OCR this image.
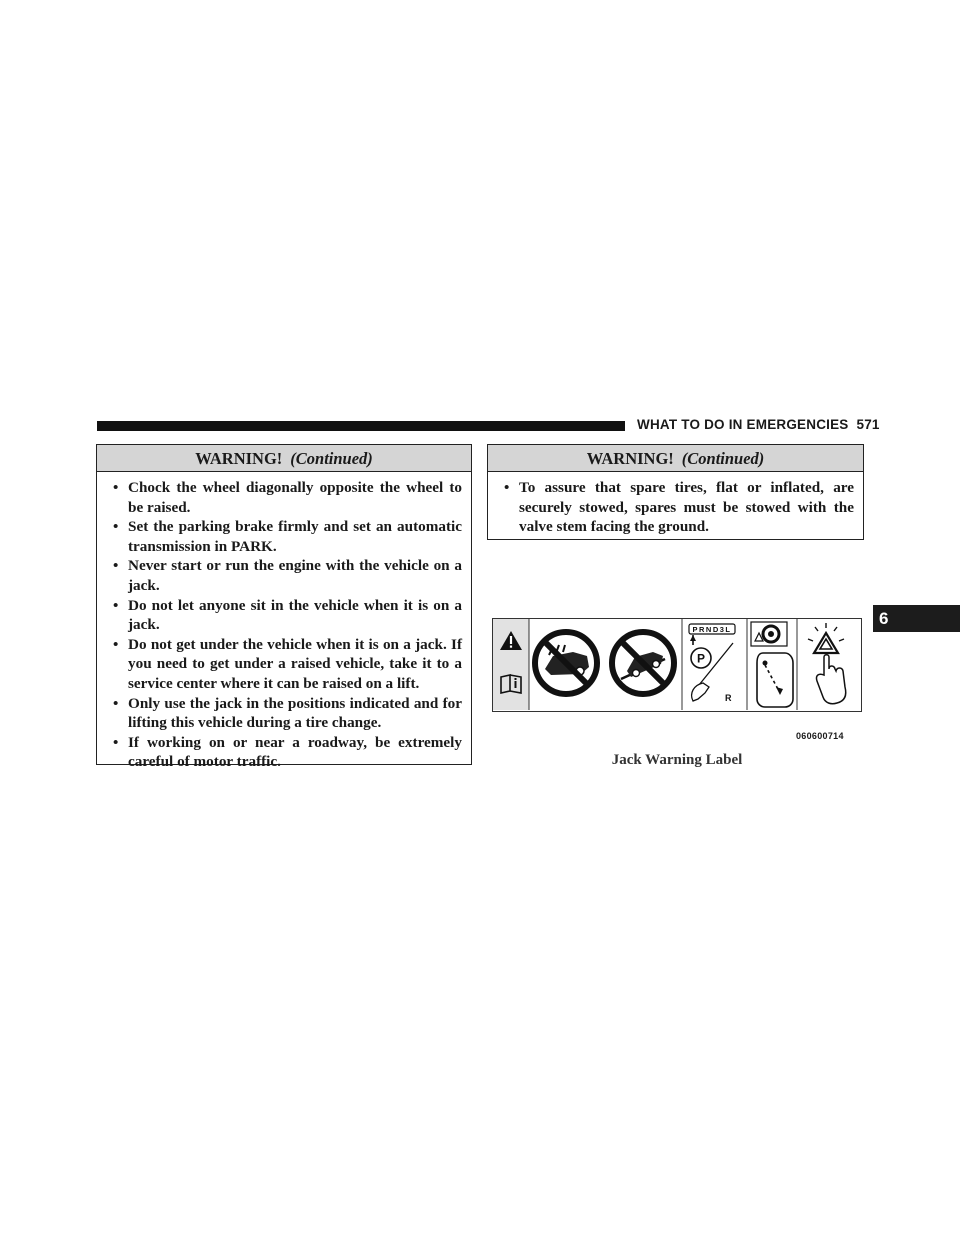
WHAT TO DO IN EMERGENCIES 571
6
WARNING! (Continued)
• Chock the wheel diagonally opposite the wheel to be raised.
• Set the parking brake firmly and set an automatic transmission in PARK.
• Never start or run the engine with the vehicle on a jack.
• Do not let anyone sit in the vehicle when it is on a jack.
• Do not get under the vehicle when it is on a jack. If you need to get under a raised vehicle, take it to a service center where it can be raised on a lift.
• Only use the jack in the positions indicated and for lifting this vehicle during a tire change.
• If working on or near a roadway, be extremely careful of motor traffic.
WARNING! (Continued)
• To assure that spare tires, flat or inflated, are securely stowed, spares must be stowed with the valve stem facing the ground.
PRND3L
P
R
060600714
Jack Warning Label
